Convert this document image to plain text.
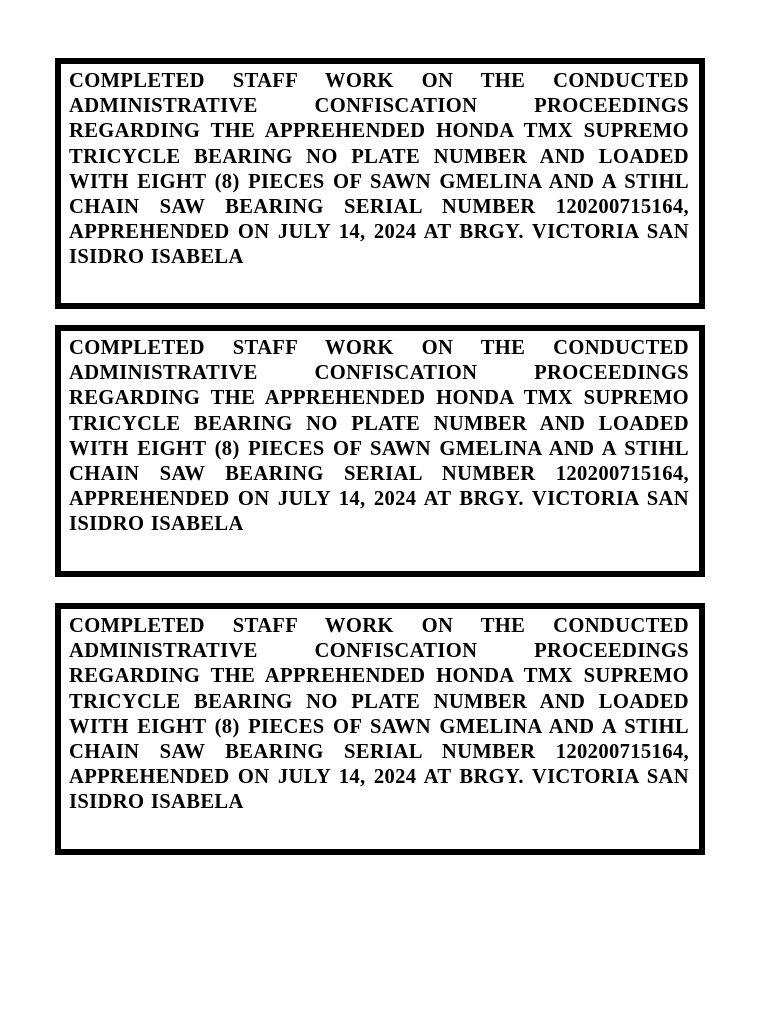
COMPLETED STAFF WORK ON THE CONDUCTED ADMINISTRATIVE CONFISCATION PROCEEDINGS REGARDING THE APPREHENDED HONDA TMX SUPREMO TRICYCLE BEARING NO PLATE NUMBER AND LOADED WITH EIGHT (8) PIECES OF SAWN GMELINA AND A STIHL CHAIN SAW BEARING SERIAL NUMBER 120200715164, APPREHENDED ON JULY 14, 2024 AT BRGY. VICTORIA SAN ISIDRO ISABELA

COMPLETED STAFF WORK ON THE CONDUCTED ADMINISTRATIVE CONFISCATION PROCEEDINGS REGARDING THE APPREHENDED HONDA TMX SUPREMO TRICYCLE BEARING NO PLATE NUMBER AND LOADED WITH EIGHT (8) PIECES OF SAWN GMELINA AND A STIHL CHAIN SAW BEARING SERIAL NUMBER 120200715164, APPREHENDED ON JULY 14, 2024 AT BRGY. VICTORIA SAN ISIDRO ISABELA

COMPLETED STAFF WORK ON THE CONDUCTED ADMINISTRATIVE CONFISCATION PROCEEDINGS REGARDING THE APPREHENDED HONDA TMX SUPREMO TRICYCLE BEARING NO PLATE NUMBER AND LOADED WITH EIGHT (8) PIECES OF SAWN GMELINA AND A STIHL CHAIN SAW BEARING SERIAL NUMBER 120200715164, APPREHENDED ON JULY 14, 2024 AT BRGY. VICTORIA SAN ISIDRO ISABELA
